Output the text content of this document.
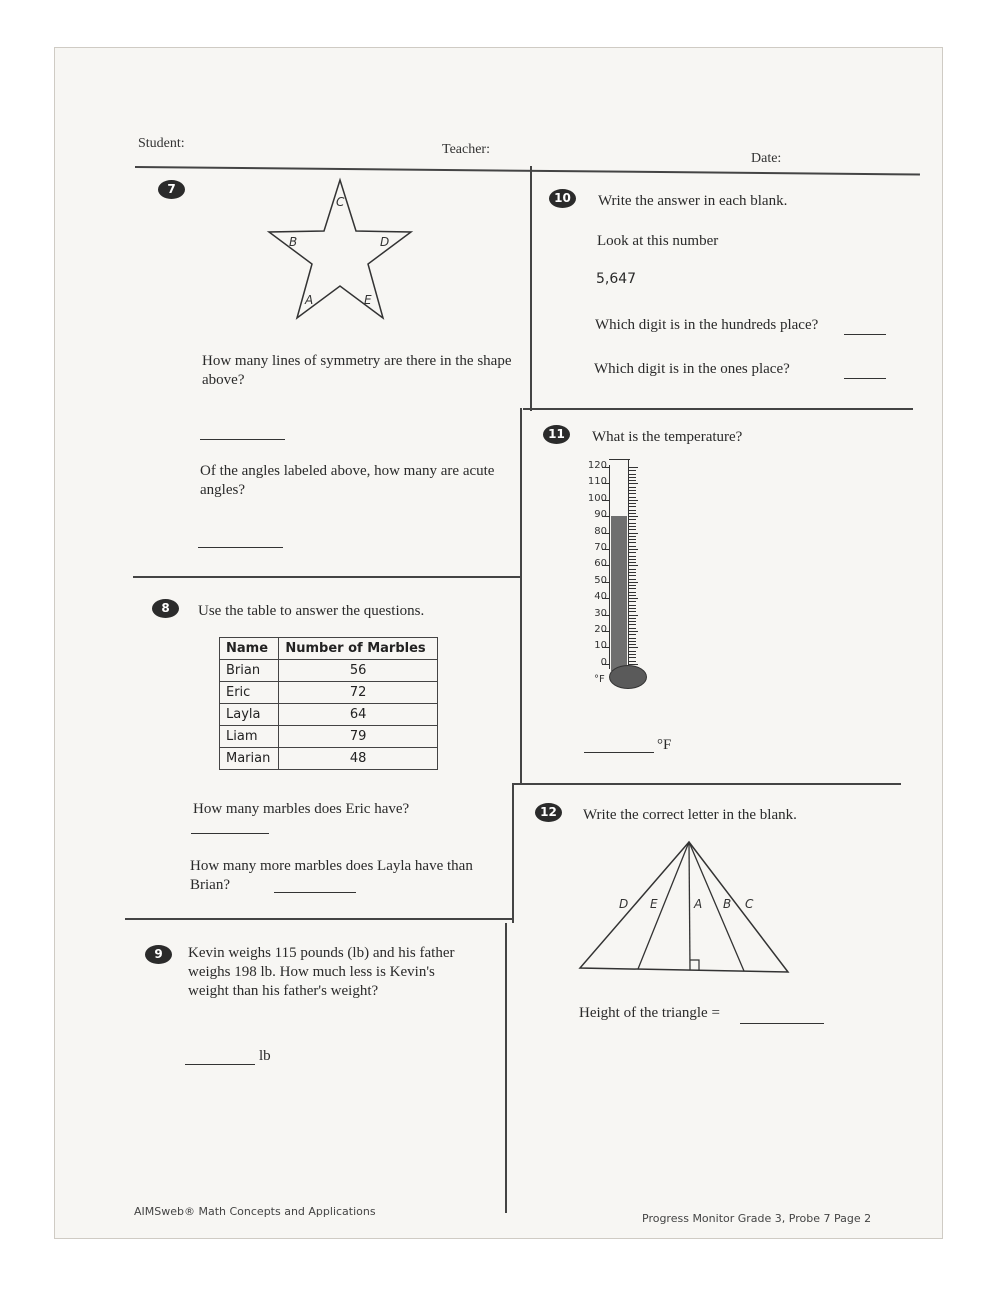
Student:	Teacher:
Date:
7
C
B	D
A	E
How many lines of symmetry are there in the shape above?
Of the angles labeled above, how many are acute angles?
8	Use the table to answer the questions.
Name	Number of Marbles
Brian	56
Eric	72
Layla	64
Liam	79
Marian	48
How many marbles does Eric have?
How many more marbles does Layla have than Brian?
9	Kevin weighs 115 pounds (lb) and his father weighs 198 lb. How much less is Kevin's weight than his father's weight?
lb
10	Write the answer in each blank.
Look at this number
5,647
Which digit is in the hundreds place?
Which digit is in the ones place?
11	What is the temperature?
120
110
100
90
80
70
60
50
40
30
20
10
0
°F
°F
12	Write the correct letter in the blank.
D E	A B C
Height of the triangle =
AIMSweb® Math Concepts and Applications
Progress Monitor Grade 3, Probe 7 Page 2
